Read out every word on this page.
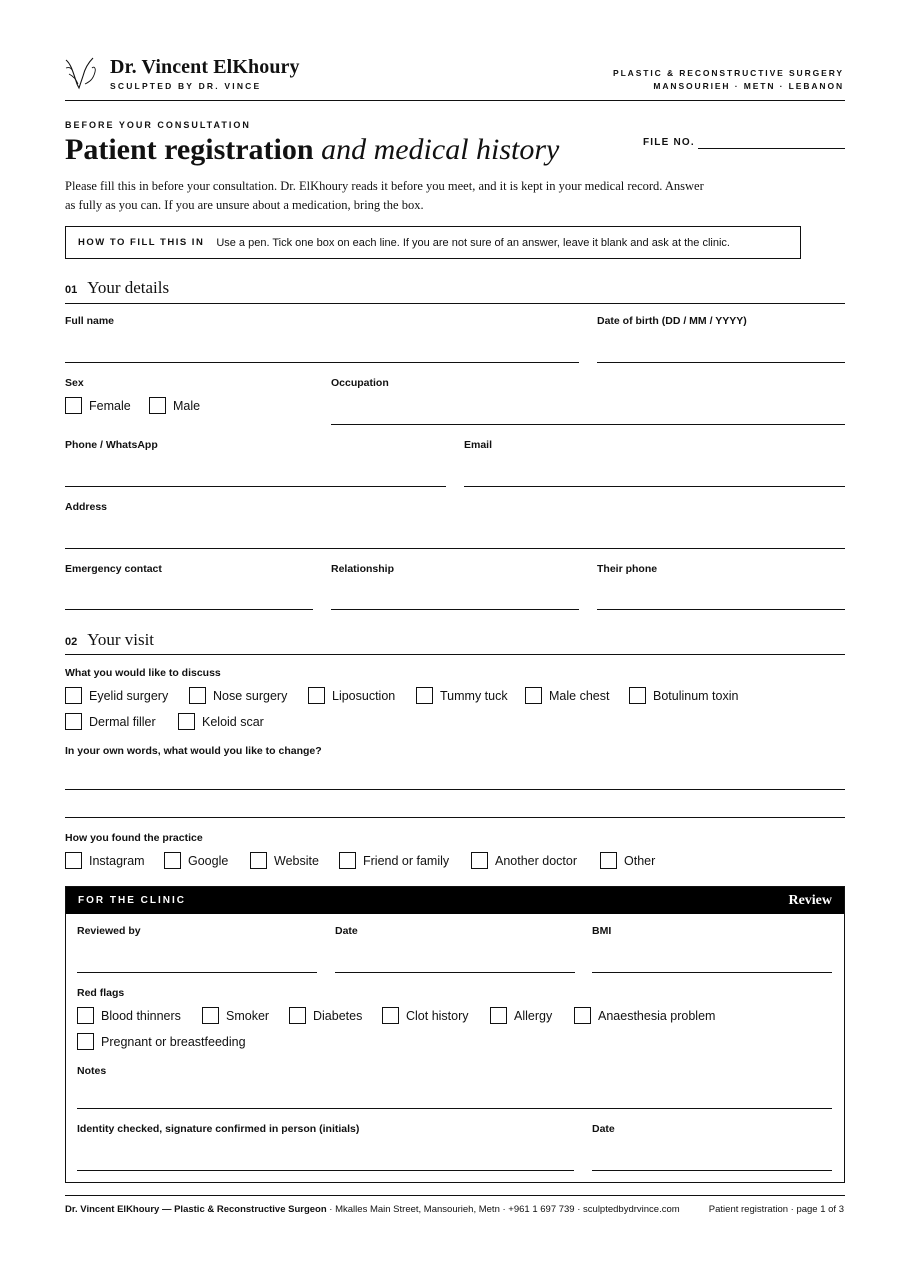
Dr. Vincent ElKhoury
SCULPTED BY DR. VINCE
PLASTIC & RECONSTRUCTIVE SURGERY
MANSOURIEH · METN · LEBANON
BEFORE YOUR CONSULTATION
Patient registration and medical history	FILE NO.
Please fill this in before your consultation. Dr. ElKhoury reads it before you meet, and it is kept in your medical record. Answer as fully as you can. If you are unsure about a medication, bring the box.
HOW TO FILL THIS IN Use a pen. Tick one box on each line. If you are not sure of an answer, leave it blank and ask at the clinic.
01 Your details
Full name	Date of birth (DD / MM / YYYY)
Sex
Female	Male
Occupation
Phone / WhatsApp	Email
Address
Emergency contact	Relationship	Their phone
02 Your visit
What you would like to discuss
Eyelid surgery	Nose surgery	Liposuction	Tummy tuck	Male chest	Botulinum toxin
Dermal filler	Keloid scar
In your own words, what would you like to change?
How you found the practice
Instagram	Google	Website	Friend or family	Another doctor	Other
FOR THE CLINIC	Review
Reviewed by	Date	BMI
Red flags
Blood thinners	Smoker	Diabetes	Clot history	Allergy	Anaesthesia problem
Pregnant or breastfeeding
Notes
Identity checked, signature confirmed in person (initials)	Date
Dr. Vincent ElKhoury — Plastic & Reconstructive Surgeon · Mkalles Main Street, Mansourieh, Metn · +961 1 697 739 · sculptedbydrvince.com	Patient registration · page 1 of 3
